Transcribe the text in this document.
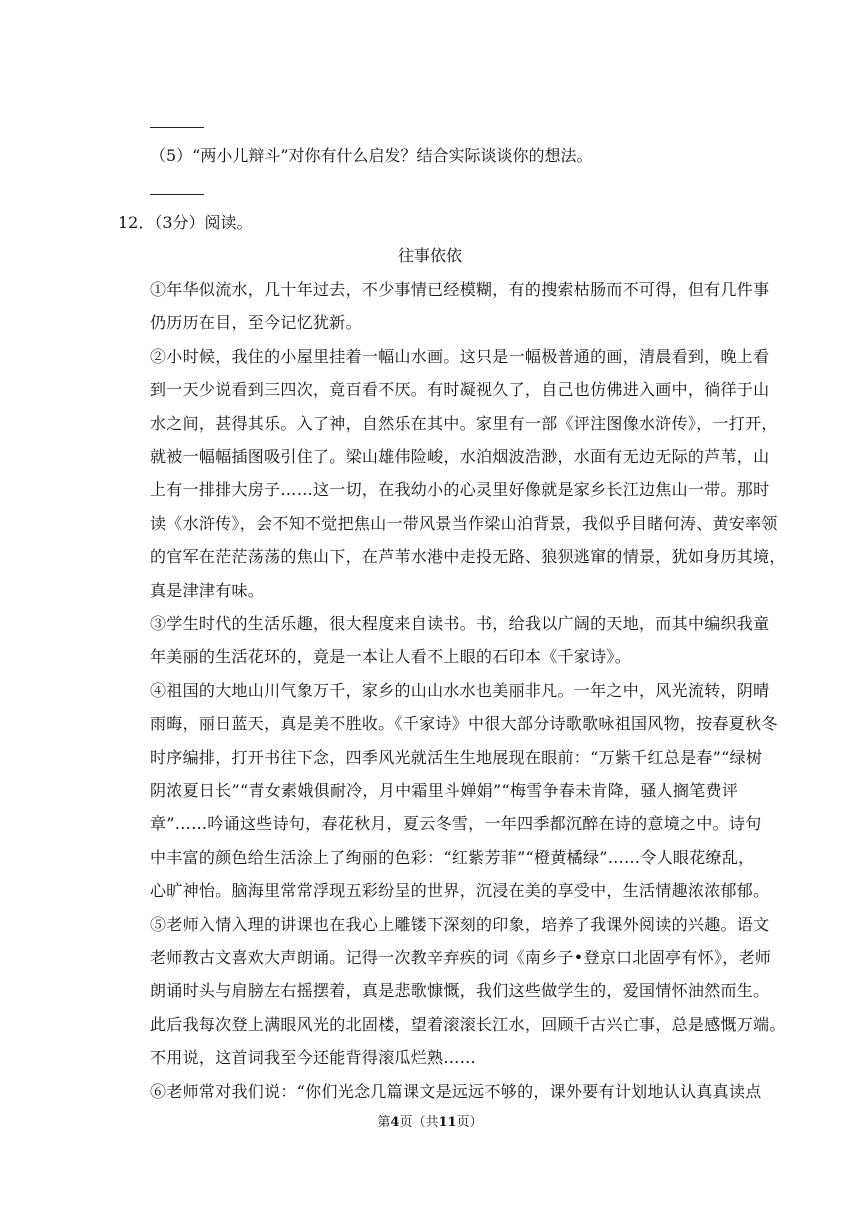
（5）“两小儿辩斗”对你有什么启发？结合实际谈谈你的想法。
12．（3分）阅读。
往事依依
①年华似流水，几十年过去，不少事情已经模糊，有的搜索枯肠而不可得，但有几件事
仍历历在目，至今记忆犹新。
②小时候，我住的小屋里挂着一幅山水画。这只是一幅极普通的画，清晨看到，晚上看
到一天少说看到三四次，竟百看不厌。有时凝视久了，自己也仿佛进入画中，徜徉于山
水之间，甚得其乐。入了神，自然乐在其中。家里有一部《评注图像水浒传》，一打开，
就被一幅幅插图吸引住了。梁山雄伟险峻，水泊烟波浩渺，水面有无边无际的芦苇，山
上有一排排大房子……这一切，在我幼小的心灵里好像就是家乡长江边焦山一带。那时
读《水浒传》，会不知不觉把焦山一带风景当作梁山泊背景，我似乎目睹何涛、黄安率领
的官军在茫茫荡荡的焦山下，在芦苇水港中走投无路、狼狈逃窜的情景，犹如身历其境，
真是津津有味。
③学生时代的生活乐趣，很大程度来自读书。书，给我以广阔的天地，而其中编织我童
年美丽的生活花环的，竟是一本让人看不上眼的石印本《千家诗》。
④祖国的大地山川气象万千，家乡的山山水水也美丽非凡。一年之中，风光流转，阴晴
雨晦，丽日蓝天，真是美不胜收。《千家诗》中很大部分诗歌歌咏祖国风物，按春夏秋冬
时序编排，打开书往下念，四季风光就活生生地展现在眼前：“万紫千红总是春”“绿树
阴浓夏日长”“青女素娥俱耐冷，月中霜里斗婵娟”“梅雪争春未肯降，骚人搁笔费评
章”……吟诵这些诗句，春花秋月，夏云冬雪，一年四季都沉醉在诗的意境之中。诗句
中丰富的颜色给生活涂上了绚丽的色彩：“红紫芳菲”“橙黄橘绿”……令人眼花缭乱，
心旷神怡。脑海里常常浮现五彩纷呈的世界，沉浸在美的享受中，生活情趣浓浓郁郁。
⑤老师入情入理的讲课也在我心上雕镂下深刻的印象，培养了我课外阅读的兴趣。语文
老师教古文喜欢大声朗诵。记得一次教辛弃疾的词《南乡子•登京口北固亭有怀》，老师
朗诵时头与肩膀左右摇摆着，真是悲歌慷慨，我们这些做学生的，爱国情怀油然而生。
此后我每次登上满眼风光的北固楼，望着滚滚长江水，回顾千古兴亡事，总是感慨万端。
不用说，这首词我至今还能背得滚瓜烂熟……
⑥老师常对我们说：“你们光念几篇课文是远远不够的，课外要有计划地认认真真读点
第4页（共11页）
